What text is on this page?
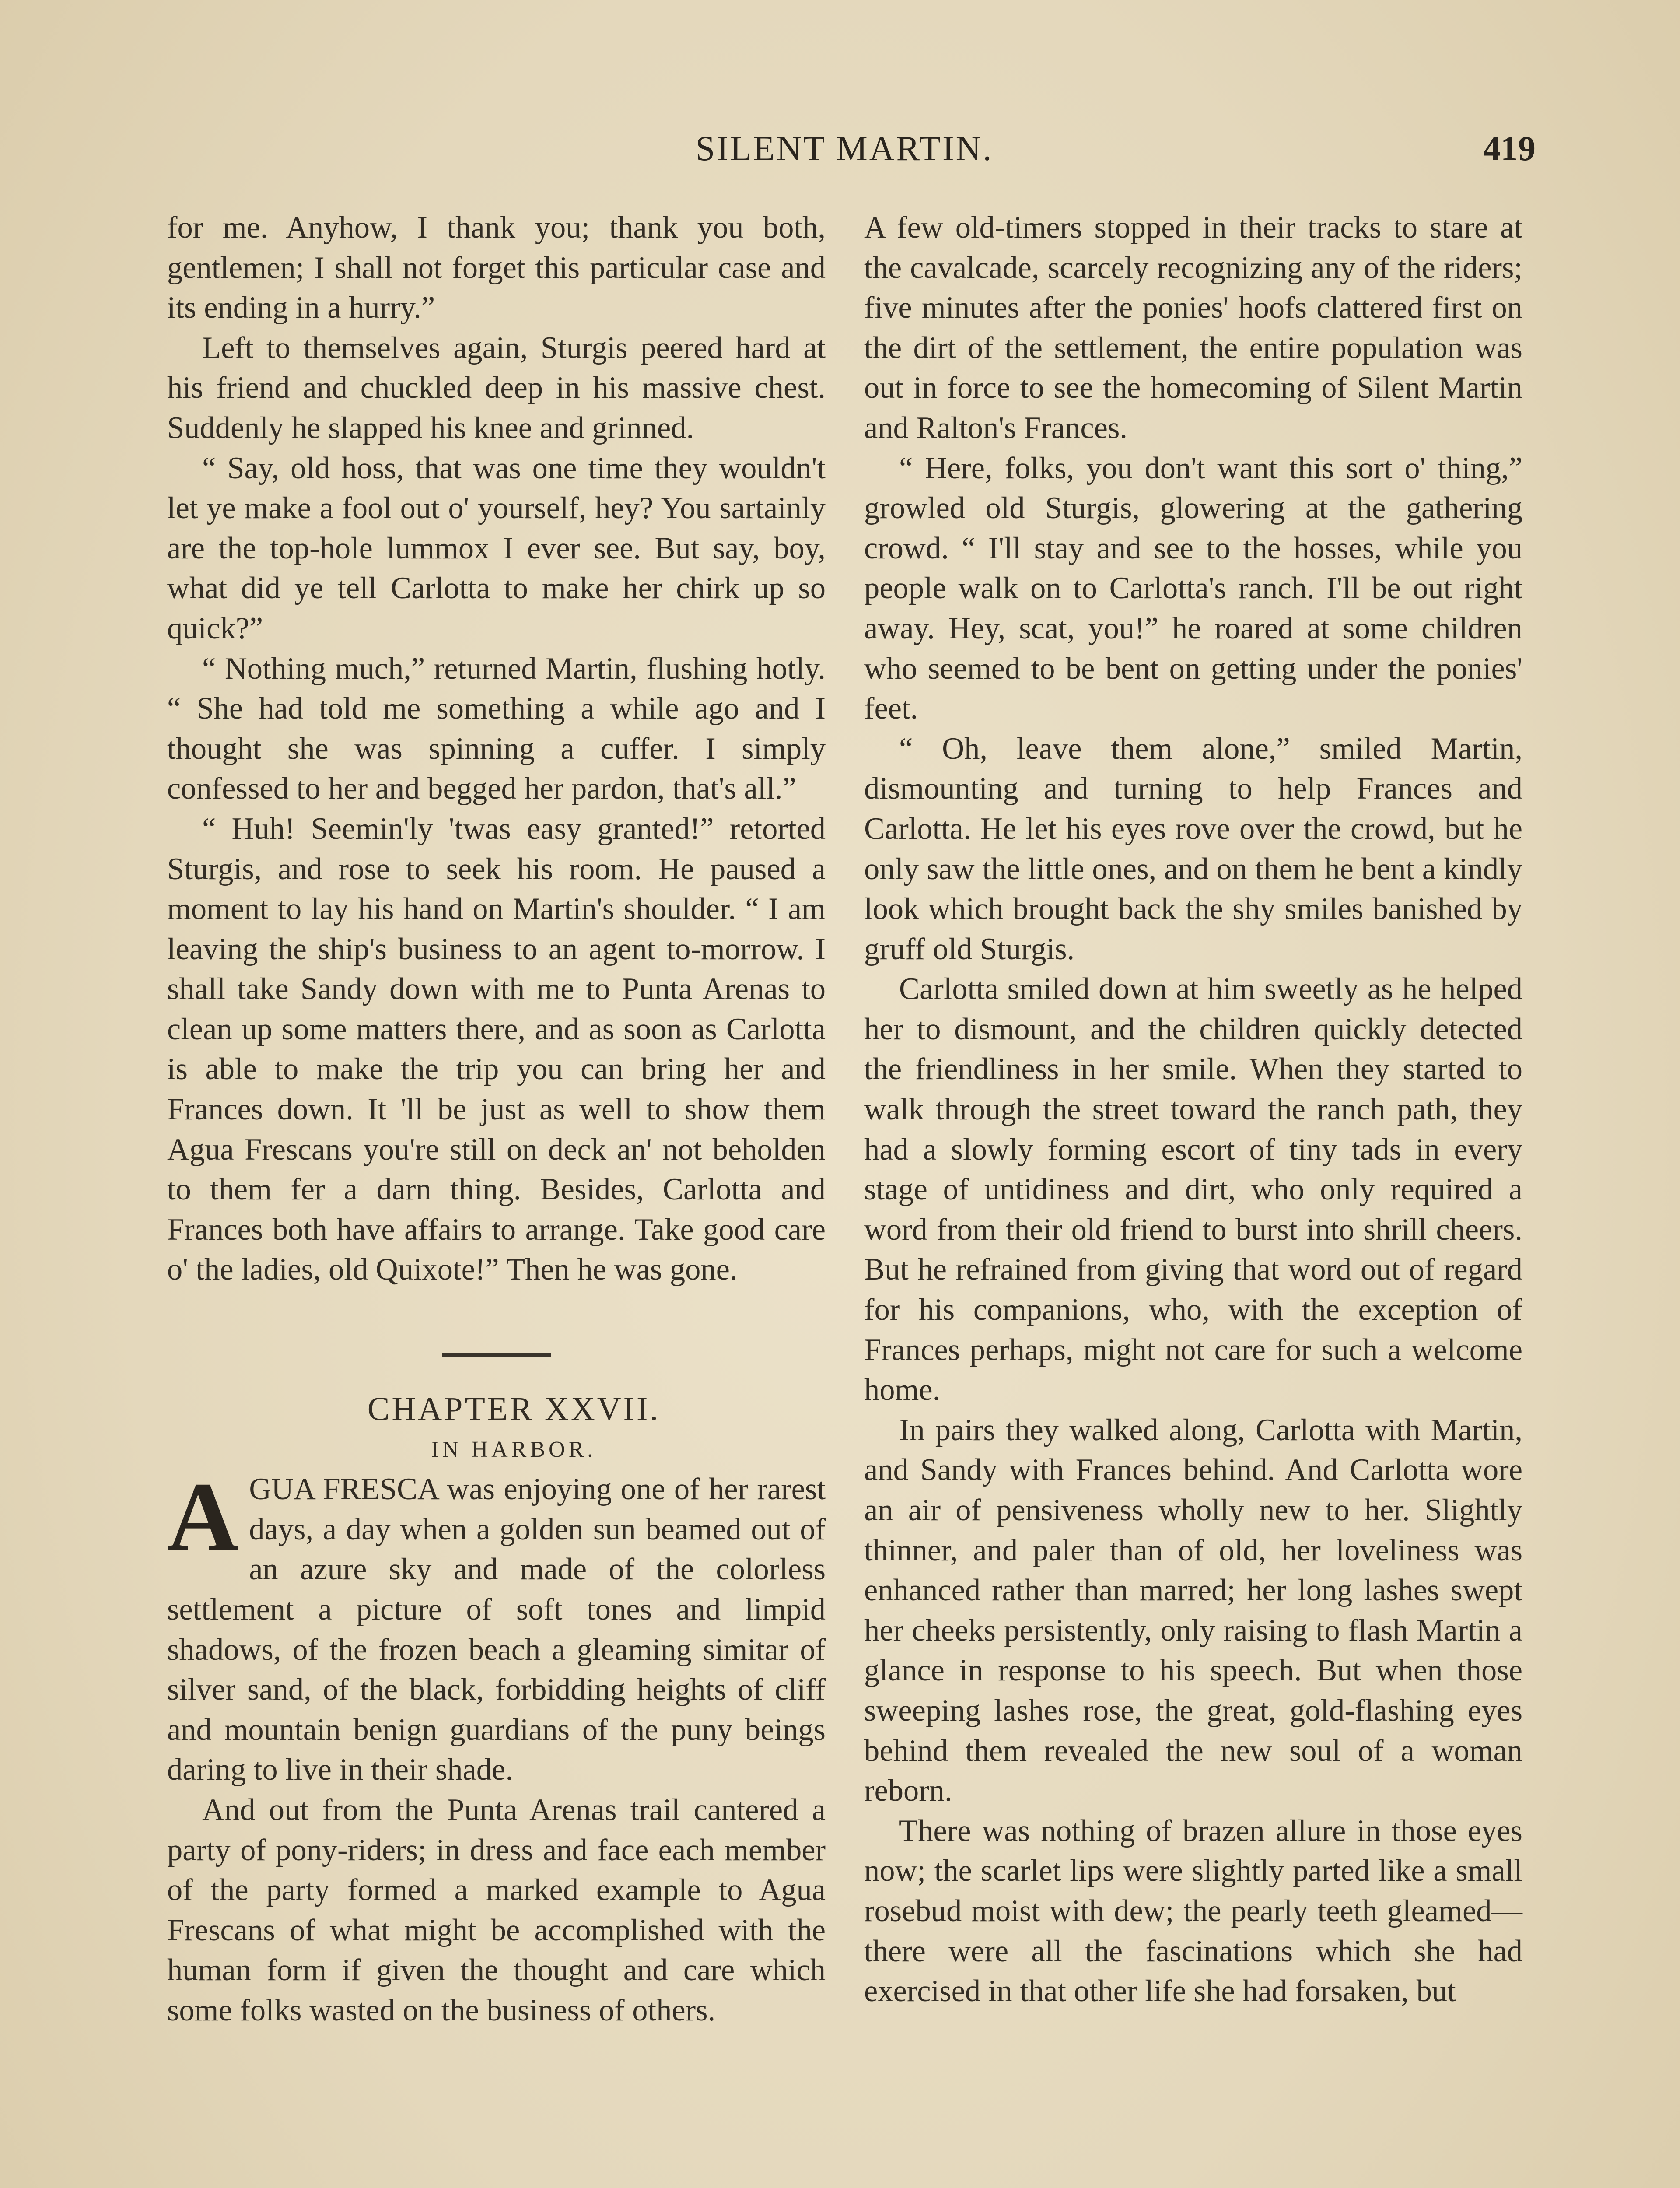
SILENT MARTIN.	419

for me. Anyhow, I thank you; thank you both, gentlemen; I shall not forget this particular case and its ending in a hurry.”

Left to themselves again, Sturgis peered hard at his friend and chuckled deep in his massive chest. Suddenly he slapped his knee and grinned.

“ Say, old hoss, that was one time they wouldn't let ye make a fool out o' yourself, hey? You sartainly are the top-hole lummox I ever see. But say, boy, what did ye tell Carlotta to make her chirk up so quick?”

“ Nothing much,” returned Martin, flushing hotly. “ She had told me something a while ago and I thought she was spinning a cuffer. I simply confessed to her and begged her pardon, that's all.”

“ Huh! Seemin'ly 'twas easy granted!” retorted Sturgis, and rose to seek his room. He paused a moment to lay his hand on Martin's shoulder. “ I am leaving the ship's business to an agent to-morrow. I shall take Sandy down with me to Punta Arenas to clean up some matters there, and as soon as Carlotta is able to make the trip you can bring her and Frances down. It 'll be just as well to show them Agua Frescans you're still on deck an' not beholden to them fer a darn thing. Besides, Carlotta and Frances both have affairs to arrange. Take good care o' the ladies, old Quixote!” Then he was gone.

CHAPTER XXVII.

IN HARBOR.

AGUA FRESCA was enjoying one of her rarest days, a day when a golden sun beamed out of an azure sky and made of the colorless settlement a picture of soft tones and limpid shadows, of the frozen beach a gleaming simitar of silver sand, of the black, forbidding heights of cliff and mountain benign guardians of the puny beings daring to live in their shade.

And out from the Punta Arenas trail cantered a party of pony-riders; in dress and face each member of the party formed a marked example to Agua Frescans of what might be accomplished with the human form if given the thought and care which some folks wasted on the business of others.

A few old-timers stopped in their tracks to stare at the cavalcade, scarcely recognizing any of the riders; five minutes after the ponies' hoofs clattered first on the dirt of the settlement, the entire population was out in force to see the homecoming of Silent Martin and Ralton's Frances.

“ Here, folks, you don't want this sort o' thing,” growled old Sturgis, glowering at the gathering crowd. “ I'll stay and see to the hosses, while you people walk on to Carlotta's ranch. I'll be out right away. Hey, scat, you!” he roared at some children who seemed to be bent on getting under the ponies' feet.

“ Oh, leave them alone,” smiled Martin, dismounting and turning to help Frances and Carlotta. He let his eyes rove over the crowd, but he only saw the little ones, and on them he bent a kindly look which brought back the shy smiles banished by gruff old Sturgis.

Carlotta smiled down at him sweetly as he helped her to dismount, and the children quickly detected the friendliness in her smile. When they started to walk through the street toward the ranch path, they had a slowly forming escort of tiny tads in every stage of untidiness and dirt, who only required a word from their old friend to burst into shrill cheers. But he refrained from giving that word out of regard for his companions, who, with the exception of Frances perhaps, might not care for such a welcome home.

In pairs they walked along, Carlotta with Martin, and Sandy with Frances behind. And Carlotta wore an air of pensiveness wholly new to her. Slightly thinner, and paler than of old, her loveliness was enhanced rather than marred; her long lashes swept her cheeks persistently, only raising to flash Martin a glance in response to his speech. But when those sweeping lashes rose, the great, gold-flashing eyes behind them revealed the new soul of a woman reborn.

There was nothing of brazen allure in those eyes now; the scarlet lips were slightly parted like a small rosebud moist with dew; the pearly teeth gleamed—there were all the fascinations which she had exercised in that other life she had forsaken, but
